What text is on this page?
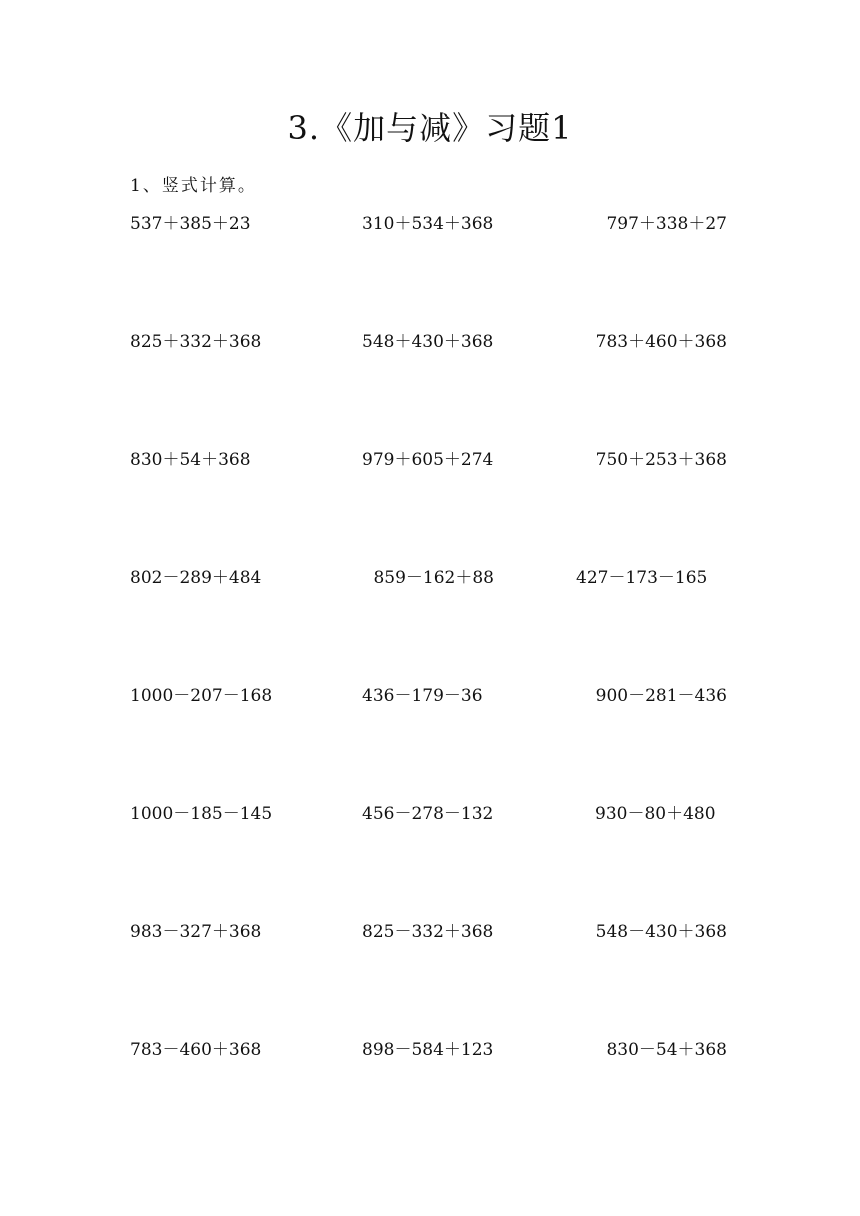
3.《加与减》习题1
1、竖式计算。
537＋385＋23	310＋534＋368	797＋338＋27
825＋332＋368	548＋430＋368	783＋460＋368
830＋54＋368	979＋605＋274	750＋253＋368
802－289＋484	859－162＋88	427－173－165
1000－207－168	436－179－36	900－281－436
1000－185－145	456－278－132	930－80＋480
983－327＋368	825－332＋368	548－430＋368
783－460＋368	898－584＋123	830－54＋368
